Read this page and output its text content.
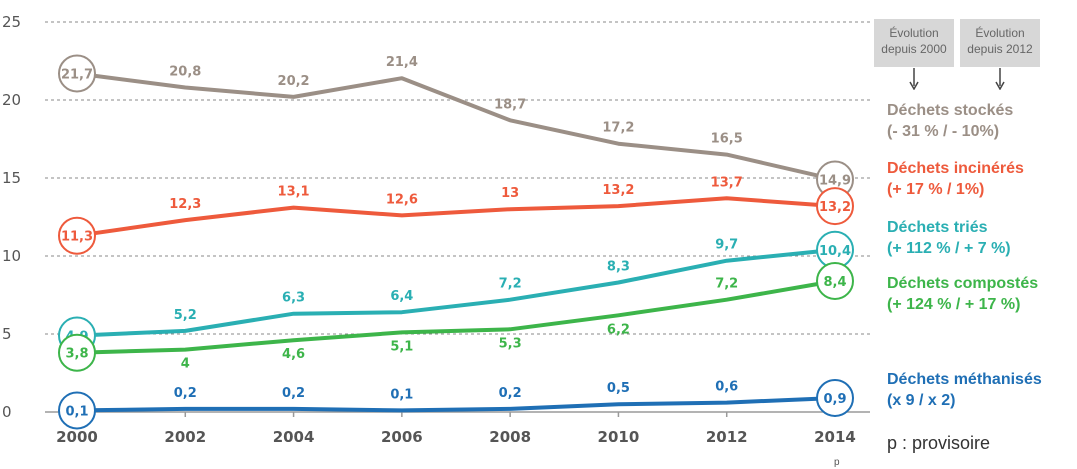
0
5
10
15
20
25
2000	2002	2004	2006	2008	2010	2012	2014
21,7	20,8
20,2
21,4
18,7
17,2
16,5
14,9
11,3
12,3
13,1
12,6	13	13,2
13,7
13,2
5,2
6,3	6,4
7,2
8,3
9,7	10,4
3,8
4
4,6
5,1	5,3
6,2
7,2	8,4
0,1
0,2	0,2	0,1	0,2	0,5	0,6
0,9
Évolution
depuis 2000
Évolution
depuis 2012
Déchets stockés
(- 31 % / - 10%)
Déchets incinérés
(+ 17 % / 1%)
Déchets triés
(+ 112 % / + 7 %)
Déchets compostés
(+ 124 % / + 17 %)
Déchets méthanisés
(x 9 / x 2)
p : provisoire
p
